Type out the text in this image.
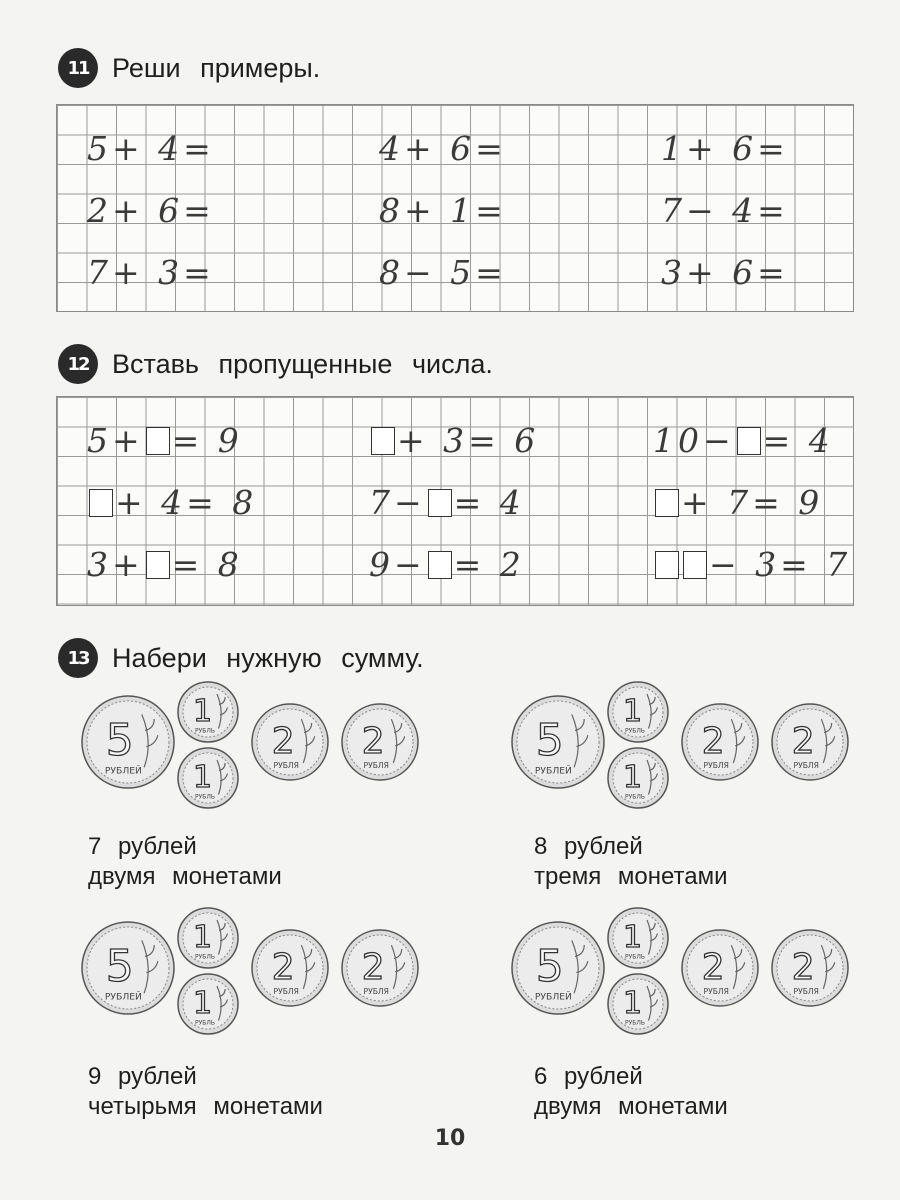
11 Реши примеры.
5+ 4=	4+ 6=	1+ 6=
2+ 6=	8+ 1=	7− 4=
7+ 3=	8− 5=	3+ 6=
12 Вставь пропущенные числа.
5+ = 9	+ 3= 6	10− = 4
+ 4= 8	7− = 4	+ 7= 9
3+ = 8	9− = 2	− 3= 7
13 Набери нужную сумму.
5
РУБЛЕЙ
1
РУБЛЬ
1
РУБЛЬ
2
РУБЛЯ
2
РУБЛЯ	5
РУБЛЕЙ
1
РУБЛЬ
1
РУБЛЬ
2
РУБЛЯ
2
РУБЛЯ
5
РУБЛЕЙ
1
РУБЛЬ
1
РУБЛЬ
2
РУБЛЯ
2
РУБЛЯ	5
РУБЛЕЙ
1
РУБЛЬ
1
РУБЛЬ
2
РУБЛЯ
2
РУБЛЯ
7 рублей
двумя монетами
8 рублей
тремя монетами
9 рублей
четырьмя монетами
6 рублей
двумя монетами
10
